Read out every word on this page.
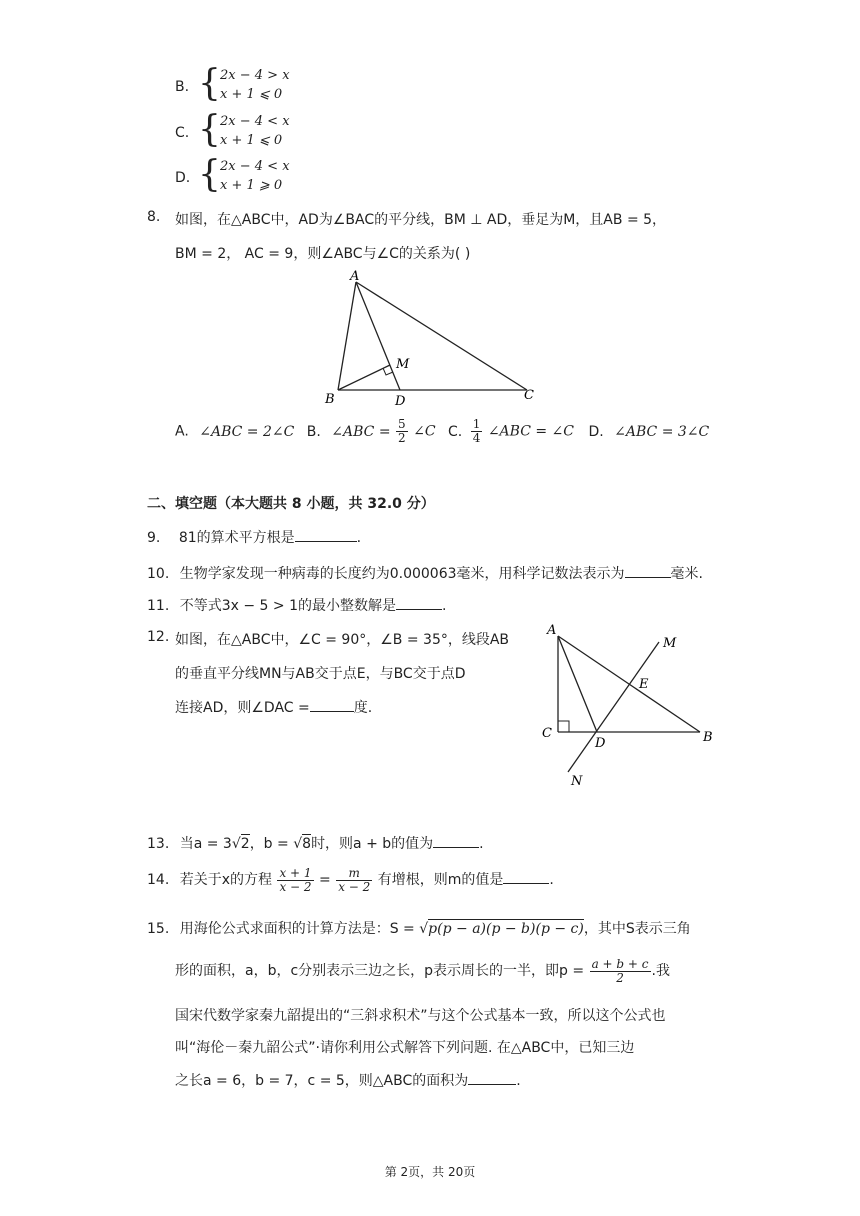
B. { 2x − 4 > x
x + 1 ⩽ 0
C. { 2x − 4 < x
x + 1 ⩽ 0
D. { 2x − 4 < x
x + 1 ⩾ 0
8. 如图，在△ABC中，AD为∠BAC的平分线，BM ⊥ AD，垂足为M，且AB = 5，
BM = 2， AC = 9，则∠ABC与∠C的关系为( )
A
B	C
D
M
A. ∠ABC = 2∠C B. ∠ABC = $\frac{5}{2}$ ∠C C. $\frac{1}{4}$ ∠ABC = ∠C D. ∠ABC = 3∠C
二、填空题（本大题共 8 小题，共 32.0 分）
9. 81的算术平方根是	.
10. 生物学家发现一种病毒的长度约为0.000063毫米，用科学记数法表示为	毫米.
11. 不等式3x − 5 > 1的最小整数解是	.
12. 如图，在△ABC中，∠C = 90°，∠B = 35°，线段AB
的垂直平分线MN与AB交于点E，与BC交于点D
连接AD，则∠DAC =	度.
A
B
C
D
E
M
N
13. 当a = 3√2，b = √8时，则a + b的值为	.
14. 若关于x的方程 $\frac{x + 1}{x - 2} = \frac{m}{x - 2}$ 有增根，则m的值是	.
15. 用海伦公式求面积的计算方法是：S = √p(p − a)(p − b)(p − c)，其中S表示三角
形的面积，a，b，c分别表示三边之长，p表示周长的一半，即$p = \frac{a + b + c}{2}$ .我
国宋代数学家秦九韶提出的“三斜求积术”与这个公式基本一致，所以这个公式也
叫“海伦－秦九韶公式”·请你利用公式解答下列问题. 在△ABC中，已知三边
之长a = 6，b = 7，c = 5，则△ABC的面积为	.
第 2页，共 20页
